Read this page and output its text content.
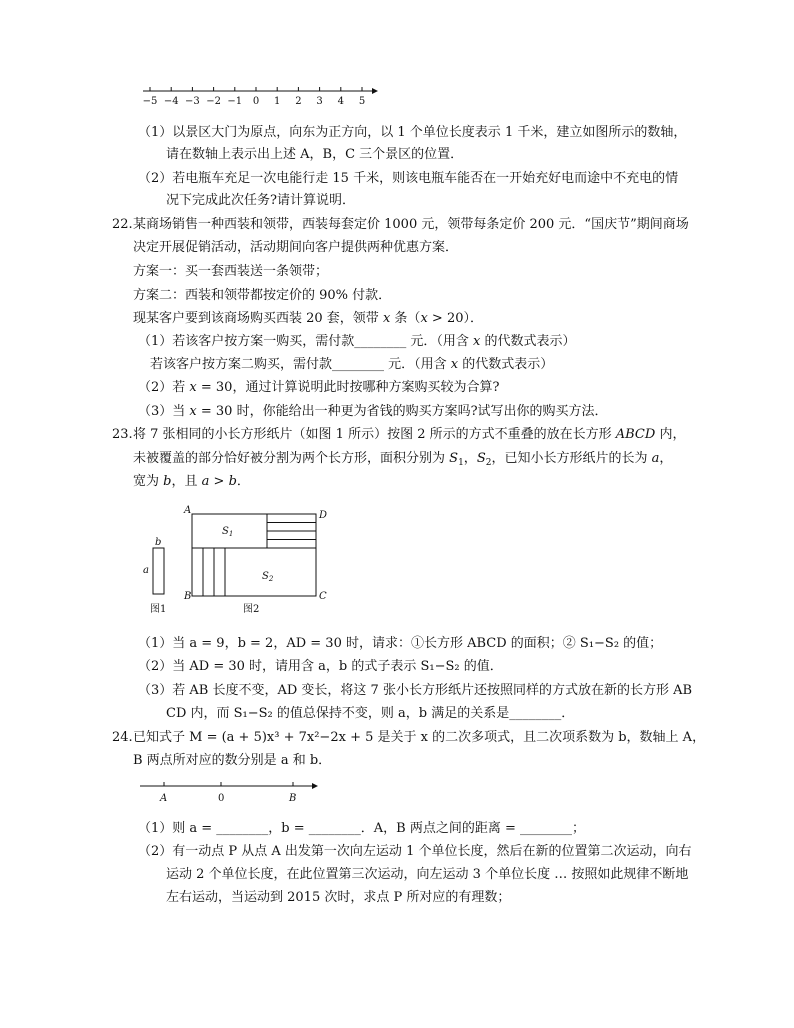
−5 −4 −3 −2 −1 0 1 2 3 4 5
（1）以景区大门为原点，向东为正方向，以 1 个单位长度表示 1 千米，建立如图所示的数轴，
请在数轴上表示出上述 A，B，C 三个景区的位置．
（2）若电瓶车充足一次电能行走 15 千米，则该电瓶车能否在一开始充好电而途中不充电的情
况下完成此次任务?请计算说明．
22. 某商场销售一种西装和领带，西装每套定价 1000 元，领带每条定价 200 元．“国庆节”期间商场
决定开展促销活动，活动期间向客户提供两种优惠方案．
方案一：买一套西装送一条领带；
方案二：西装和领带都按定价的 90% 付款．
现某客户要到该商场购买西装 20 套，领带 x 条（x > 20）．
（1）若该客户按方案一购买，需付款________ 元．（用含 x 的代数式表示）
若该客户按方案二购买，需付款________ 元．（用含 x 的代数式表示）
（2）若 x = 30，通过计算说明此时按哪种方案购买较为合算?
（3）当 x = 30 时，你能给出一种更为省钱的购买方案吗?试写出你的购买方法．
23. 将 7 张相同的小长方形纸片（如图 1 所示）按图 2 所示的方式不重叠的放在长方形 ABCD 内，
未被覆盖的部分恰好被分割为两个长方形，面积分别为 $S_1$，$S_2$，已知小长方形纸片的长为 a，
宽为 b，且 a > b．
b
a
图1
A	D
B	C
$S_1$
$S_2$
图2
（1）当 a = 9，b = 2，AD = 30 时，请求：①长方形 ABCD 的面积；② S₁−S₂ 的值；
（2）当 AD = 30 时，请用含 a，b 的式子表示 S₁−S₂ 的值．
（3）若 AB 长度不变，AD 变长，将这 7 张小长方形纸片还按照同样的方式放在新的长方形 AB
CD 内，而 S₁−S₂ 的值总保持不变，则 a，b 满足的关系是________．
24. 已知式子 M = (a + 5)x³ + 7x²−2x + 5 是关于 x 的二次多项式，且二次项系数为 b，数轴上 A，
B 两点所对应的数分别是 a 和 b．
A	0	B
（1）则 a = ________，b = ________．A，B 两点之间的距离 = ________；
（2）有一动点 P 从点 A 出发第一次向左运动 1 个单位长度，然后在新的位置第二次运动，向右
运动 2 个单位长度，在此位置第三次运动，向左运动 3 个单位长度 … 按照如此规律不断地
左右运动，当运动到 2015 次时，求点 P 所对应的有理数；
